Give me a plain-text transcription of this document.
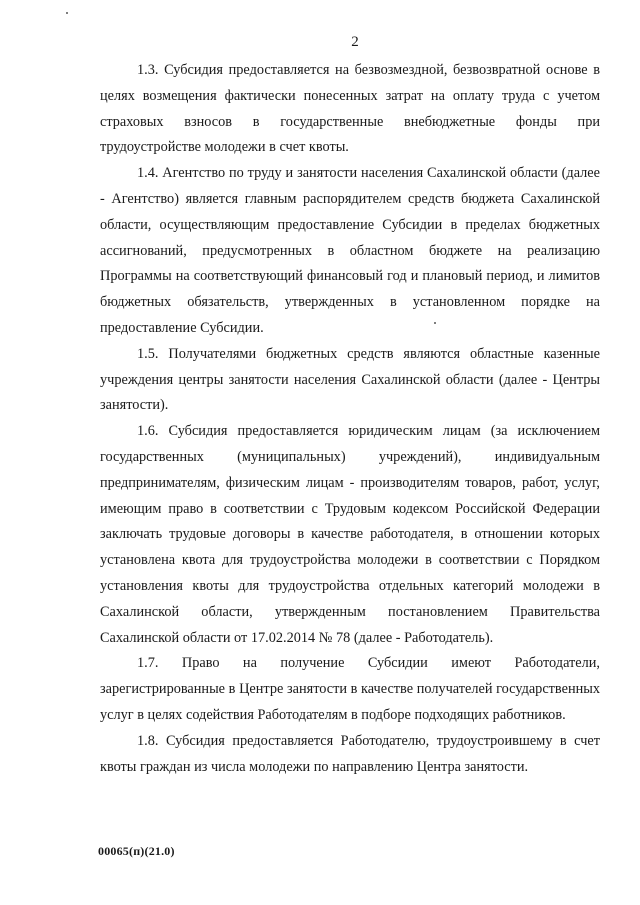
2

1.3. Субсидия предоставляется на безвозмездной, безвозвратной основе в целях возмещения фактически понесенных затрат на оплату труда с учетом страховых взносов в государственные внебюджетные фонды при трудоустройстве молодежи в счет квоты.

1.4. Агентство по труду и занятости населения Сахалинской области (далее - Агентство) является главным распорядителем средств бюджета Сахалинской области, осуществляющим предоставление Субсидии в пределах бюджетных ассигнований, предусмотренных в областном бюджете на реализацию Программы на соответствующий финансовый год и плановый период, и лимитов бюджетных обязательств, утвержденных в установленном порядке на предоставление Субсидии.

1.5. Получателями бюджетных средств являются областные казенные учреждения центры занятости населения Сахалинской области (далее - Центры занятости).

1.6. Субсидия предоставляется юридическим лицам (за исключением государственных (муниципальных) учреждений), индивидуальным предпринимателям, физическим лицам - производителям товаров, работ, услуг, имеющим право в соответствии с Трудовым кодексом Российской Федерации заключать трудовые договоры в качестве работодателя, в отношении которых установлена квота для трудоустройства молодежи в соответствии с Порядком установления квоты для трудоустройства отдельных категорий молодежи в Сахалинской области, утвержденным постановлением Правительства Сахалинской области от 17.02.2014 № 78 (далее - Работодатель).

1.7. Право на получение Субсидии имеют Работодатели, зарегистрированные в Центре занятости в качестве получателей государственных услуг в целях содействия Работодателям в подборе подходящих работников.

1.8. Субсидия предоставляется Работодателю, трудоустроившему в счет квоты граждан из числа молодежи по направлению Центра занятости.

00065(п)(21.0)
